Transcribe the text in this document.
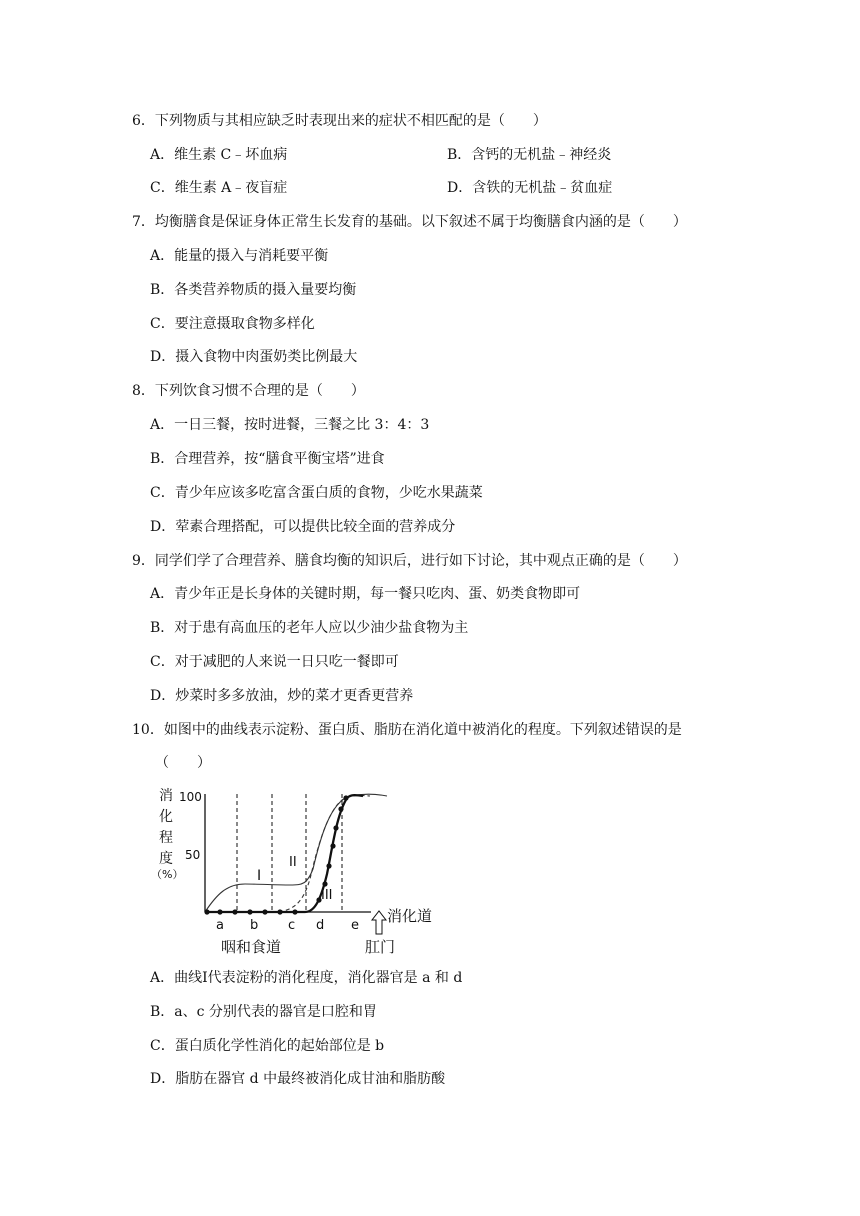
6．下列物质与其相应缺乏时表现出来的症状不相匹配的是（　　）
A．维生素 C﹣坏血病	B．含钙的无机盐﹣神经炎
C．维生素 A﹣夜盲症	D．含铁的无机盐﹣贫血症
7．均衡膳食是保证身体正常生长发育的基础。以下叙述不属于均衡膳食内涵的是（　　）
A．能量的摄入与消耗要平衡
B．各类营养物质的摄入量要均衡
C．要注意摄取食物多样化
D．摄入食物中肉蛋奶类比例最大
8．下列饮食习惯不合理的是（　　）
A．一日三餐，按时进餐，三餐之比 3：4：3
B．合理营养，按“膳食平衡宝塔”进食
C．青少年应该多吃富含蛋白质的食物，少吃水果蔬菜
D．荤素合理搭配，可以提供比较全面的营养成分
9．同学们学了合理营养、膳食均衡的知识后，进行如下讨论，其中观点正确的是（　　）
A．青少年正是长身体的关键时期，每一餐只吃肉、蛋、奶类食物即可
B．对于患有高血压的老年人应以少油少盐食物为主
C．对于减肥的人来说一日只吃一餐即可
D．炒菜时多多放油，炒的菜才更香更营养
10．如图中的曲线表示淀粉、蛋白质、脂肪在消化道中被消化的程度。下列叙述错误的是
（　　）
消
化
程
度
（%）
100
50
I
II
III
a b c d e
消化道
咽和食道	肛门
A．曲线Ⅰ代表淀粉的消化程度，消化器官是 a 和 d
B．a、c 分别代表的器官是口腔和胃
C．蛋白质化学性消化的起始部位是 b
D．脂肪在器官 d 中最终被消化成甘油和脂肪酸
